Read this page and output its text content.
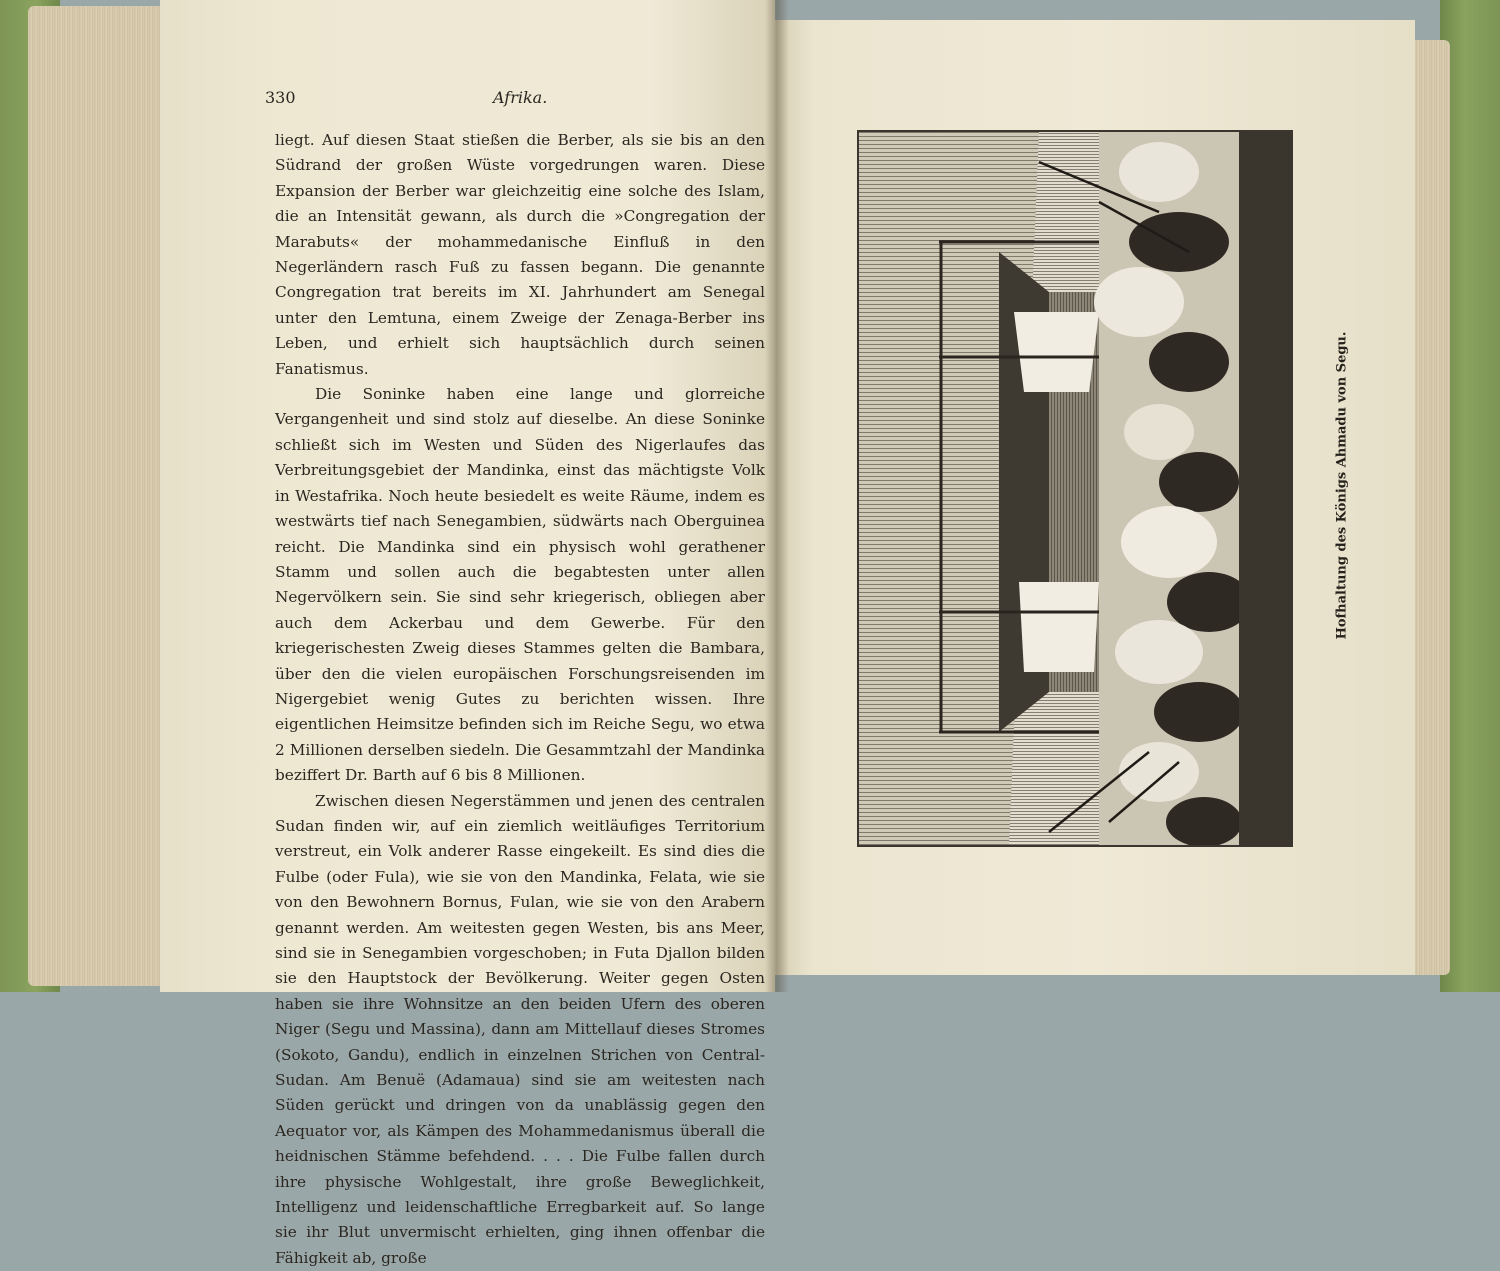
330	Afrika.

liegt. Auf diesen Staat stießen die Berber, als sie bis an den Südrand der großen Wüste vorgedrungen waren. Diese Expansion der Berber war gleichzeitig eine solche des Islam, die an Intensität gewann, als durch die »Congregation der Marabuts« der mohammedanische Einfluß in den Negerländern rasch Fuß zu fassen begann. Die genannte Congregation trat bereits im XI. Jahrhundert am Senegal unter den Lemtuna, einem Zweige der Zenaga-Berber ins Leben, und erhielt sich hauptsächlich durch seinen Fanatismus.

Die Soninke haben eine lange und glorreiche Vergangenheit und sind stolz auf dieselbe. An diese Soninke schließt sich im Westen und Süden des Nigerlaufes das Verbreitungsgebiet der Mandinka, einst das mächtigste Volk in Westafrika. Noch heute besiedelt es weite Räume, indem es westwärts tief nach Senegambien, südwärts nach Oberguinea reicht. Die Mandinka sind ein physisch wohl gerathener Stamm und sollen auch die begabtesten unter allen Negervölkern sein. Sie sind sehr kriegerisch, obliegen aber auch dem Ackerbau und dem Gewerbe. Für den kriegerischesten Zweig dieses Stammes gelten die Bambara, über den die vielen europäischen Forschungsreisenden im Nigergebiet wenig Gutes zu berichten wissen. Ihre eigentlichen Heimsitze befinden sich im Reiche Segu, wo etwa 2 Millionen derselben siedeln. Die Gesammtzahl der Mandinka beziffert Dr. Barth auf 6 bis 8 Millionen.

Zwischen diesen Negerstämmen und jenen des centralen Sudan finden wir, auf ein ziemlich weitläufiges Territorium verstreut, ein Volk anderer Rasse eingekeilt. Es sind dies die Fulbe (oder Fula), wie sie von den Mandinka, Felata, wie sie von den Bewohnern Bornus, Fulan, wie sie von den Arabern genannt werden. Am weitesten gegen Westen, bis ans Meer, sind sie in Senegambien vorgeschoben; in Futa Djallon bilden sie den Hauptstock der Bevölkerung. Weiter gegen Osten haben sie ihre Wohnsitze an den beiden Ufern des oberen Niger (Segu und Massina), dann am Mittellauf dieses Stromes (Sokoto, Gandu), endlich in einzelnen Strichen von Central-Sudan. Am Benuë (Adamaua) sind sie am weitesten nach Süden gerückt und dringen von da unablässig gegen den Aequator vor, als Kämpen des Mohammedanismus überall die heidnischen Stämme befehdend. . . . Die Fulbe fallen durch ihre physische Wohlgestalt, ihre große Beweglichkeit, Intelligenz und leidenschaftliche Erregbarkeit auf. So lange sie ihr Blut unvermischt erhielten, ging ihnen offenbar die Fähigkeit ab, große

Hofhaltung des Königs Ahmadu von Segu.
